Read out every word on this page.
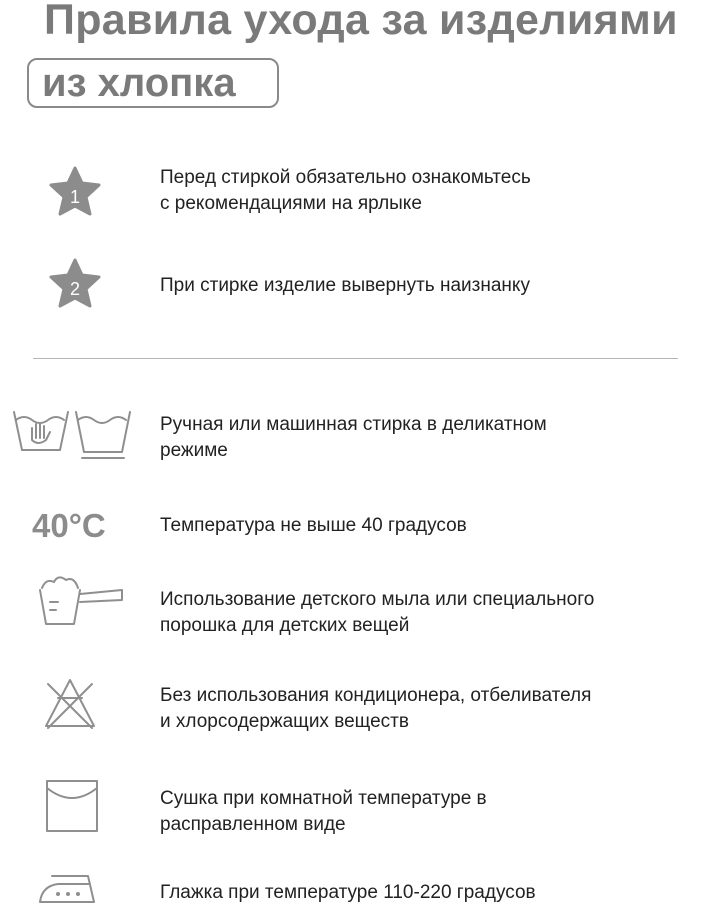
Правила ухода за изделиями
из хлопка
1
Перед стиркой обязательно ознакомьтесь
с рекомендациями на ярлыке
2	При стирке изделие вывернуть наизнанку
Ручная или машинная стирка в деликатном
режиме
40°C	Температура не выше 40 градусов
Использование детского мыла или специального
порошка для детских вещей
Без использования кондиционера, отбеливателя
и хлорсодержащих веществ
Сушка при комнатной температуре в
расправленном виде
Глажка при температуре 110-220 градусов
